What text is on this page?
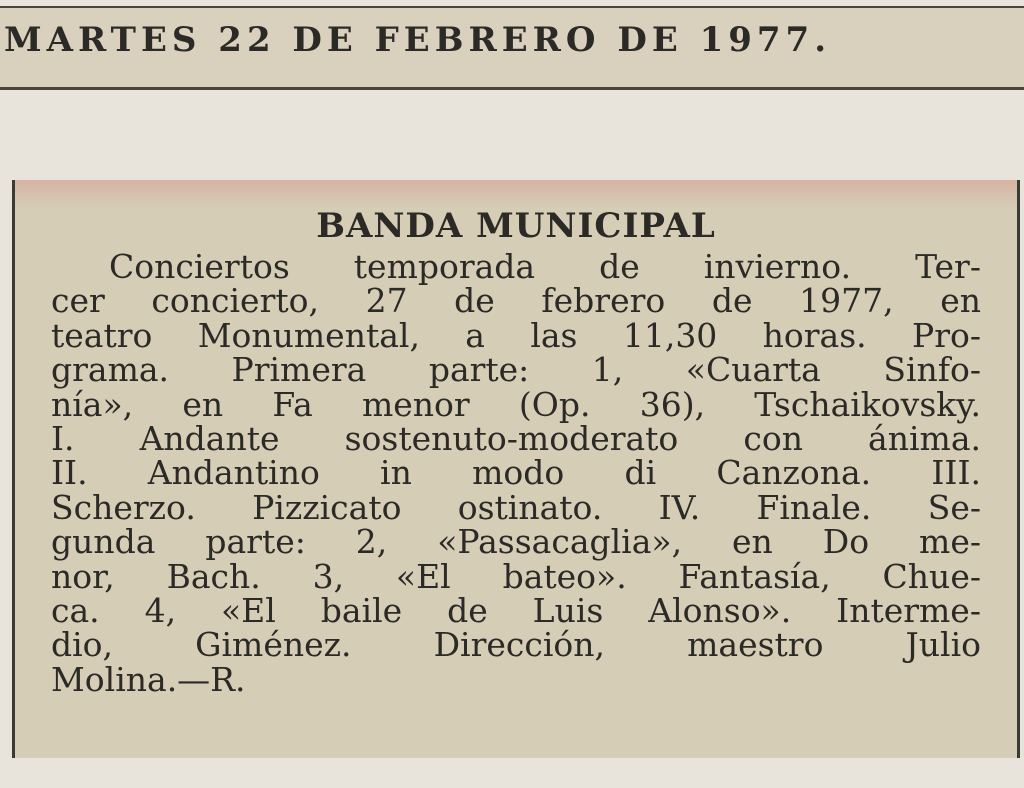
MARTES 22 DE FEBRERO DE 1977.
BANDA MUNICIPAL
Conciertos temporada de invierno. Ter-
cer concierto, 27 de febrero de 1977, en
teatro Monumental, a las 11,30 horas. Pro-
grama. Primera parte: 1, «Cuarta Sinfo-
nía», en Fa menor (Op. 36), Tschaikovsky.
I. Andante sostenuto-moderato con ánima.
II. Andantino in modo di Canzona. III.
Scherzo. Pizzicato ostinato. IV. Finale. Se-
gunda parte: 2, «Passacaglia», en Do me-
nor, Bach. 3, «El bateo». Fantasía, Chue-
ca. 4, «El baile de Luis Alonso». Interme-
dio, Giménez. Dirección, maestro Julio
Molina.—R.
